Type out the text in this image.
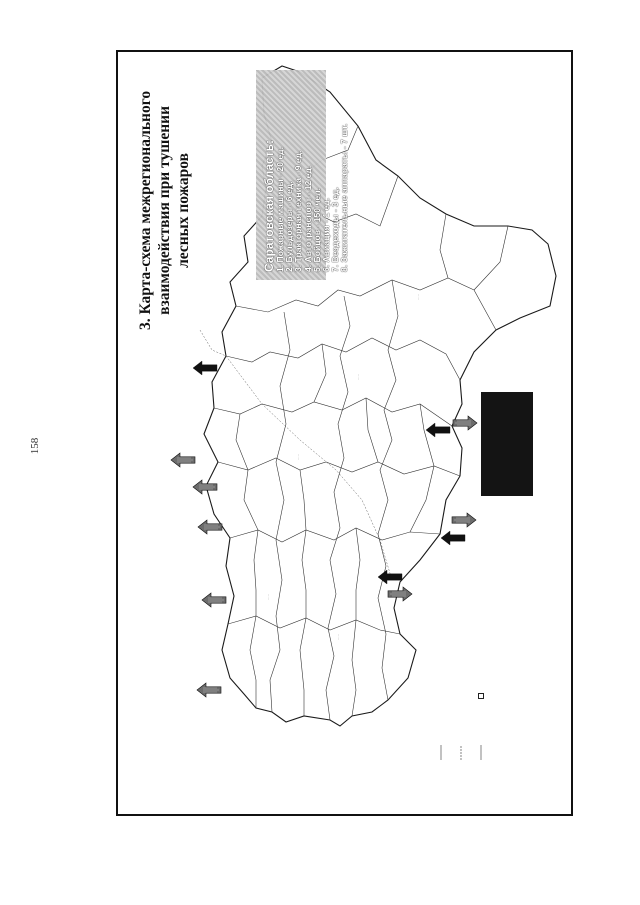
158
·····
·····
·····
·····
·····
Саратовская область: 1. Пожарные машины - 20 ед. 2. Бульдозеры - 6 ед. 3. Тракторная техника - 9 ед. 4. Автотранспорт - 12 ед. 5. Бойцов - 150 чел. 6. Авиация - 1 ед. 7. Вездеходы - 3 ед. 8. Зажигательные аппараты - 7 шт.
3. Карта-схема межрегионального взаимодействия при тушении лесных пожаров
